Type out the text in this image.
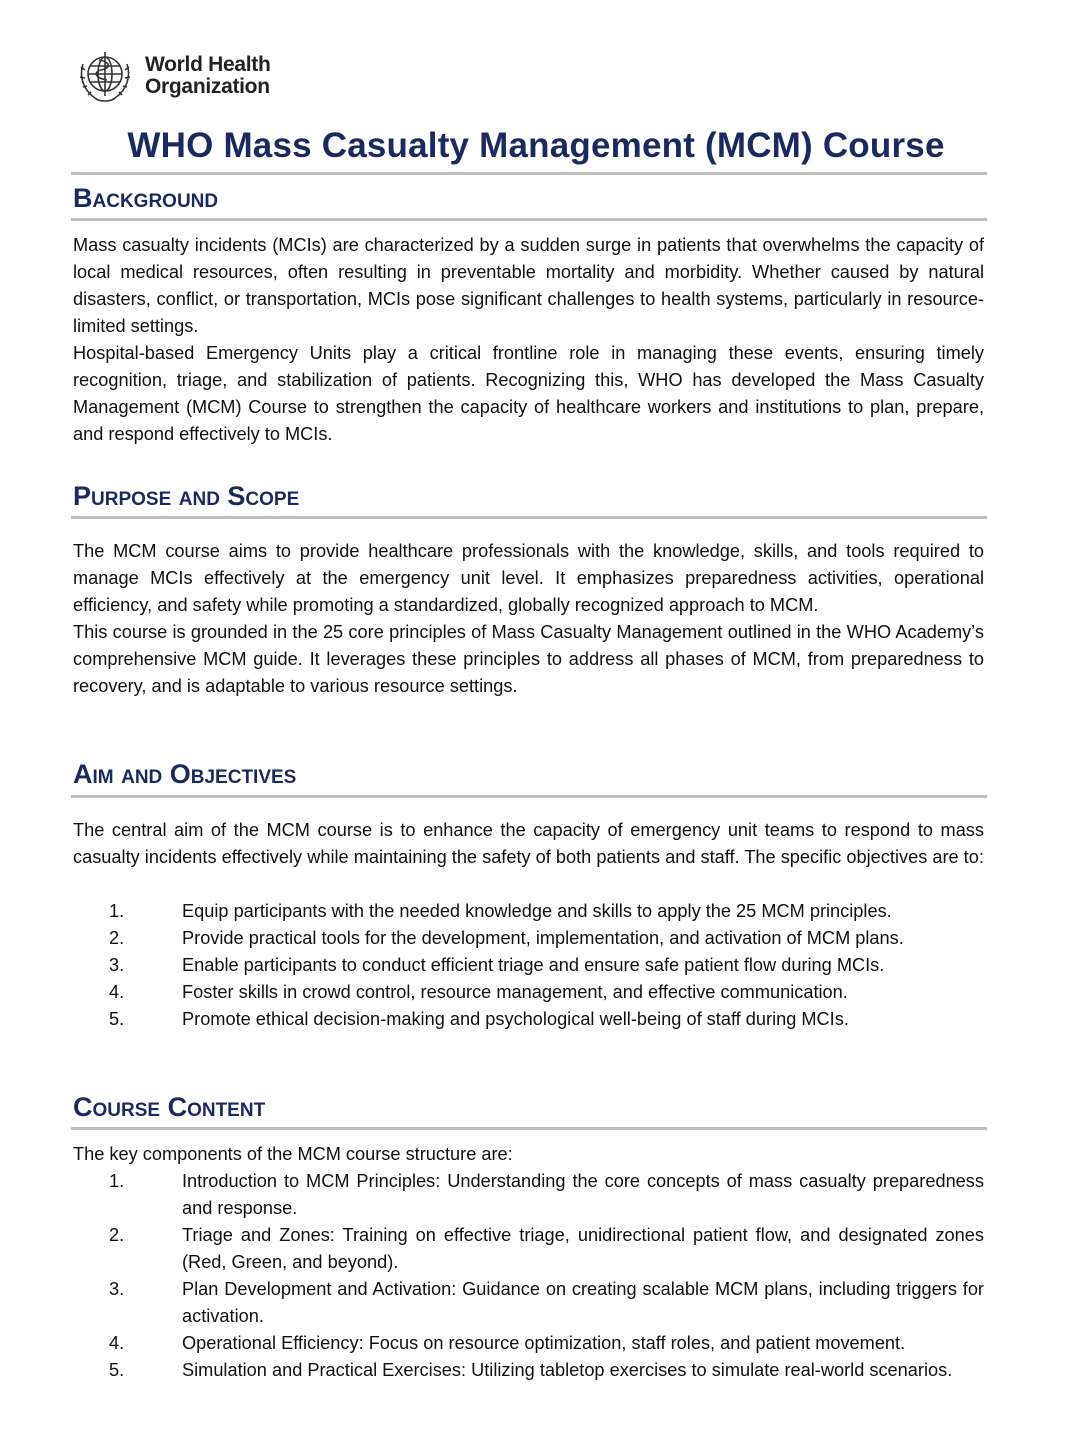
World Health
Organization
WHO Mass Casualty Management (MCM) Course
Background

Mass casualty incidents (MCIs) are characterized by a sudden surge in patients that overwhelms the capacity of local medical resources, often resulting in preventable mortality and morbidity. Whether caused by natural disasters, conflict, or transportation, MCIs pose significant challenges to health systems, particularly in resource-limited settings.

Hospital-based Emergency Units play a critical frontline role in managing these events, ensuring timely recognition, triage, and stabilization of patients. Recognizing this, WHO has developed the Mass Casualty Management (MCM) Course to strengthen the capacity of healthcare workers and institutions to plan, prepare, and respond effectively to MCIs.

Purpose and Scope

The MCM course aims to provide healthcare professionals with the knowledge, skills, and tools required to manage MCIs effectively at the emergency unit level. It emphasizes preparedness activities, operational efficiency, and safety while promoting a standardized, globally recognized approach to MCM.

This course is grounded in the 25 core principles of Mass Casualty Management outlined in the WHO Academy’s comprehensive MCM guide. It leverages these principles to address all phases of MCM, from preparedness to recovery, and is adaptable to various resource settings.

Aim and Objectives

The central aim of the MCM course is to enhance the capacity of emergency unit teams to respond to mass casualty incidents effectively while maintaining the safety of both patients and staff. The specific objectives are to:

1.	Equip participants with the needed knowledge and skills to apply the 25 MCM principles.
2.	Provide practical tools for the development, implementation, and activation of MCM plans.
3.	Enable participants to conduct efficient triage and ensure safe patient flow during MCIs.
4.	Foster skills in crowd control, resource management, and effective communication.
5.	Promote ethical decision-making and psychological well-being of staff during MCIs.
Course Content

The key components of the MCM course structure are:

1.	Introduction to MCM Principles: Understanding the core concepts of mass casualty preparedness and response.
2.	Triage and Zones: Training on effective triage, unidirectional patient flow, and designated zones (Red, Green, and beyond).
3.	Plan Development and Activation: Guidance on creating scalable MCM plans, including triggers for activation.
4.	Operational Efficiency: Focus on resource optimization, staff roles, and patient movement.
5.	Simulation and Practical Exercises: Utilizing tabletop exercises to simulate real-world scenarios.
